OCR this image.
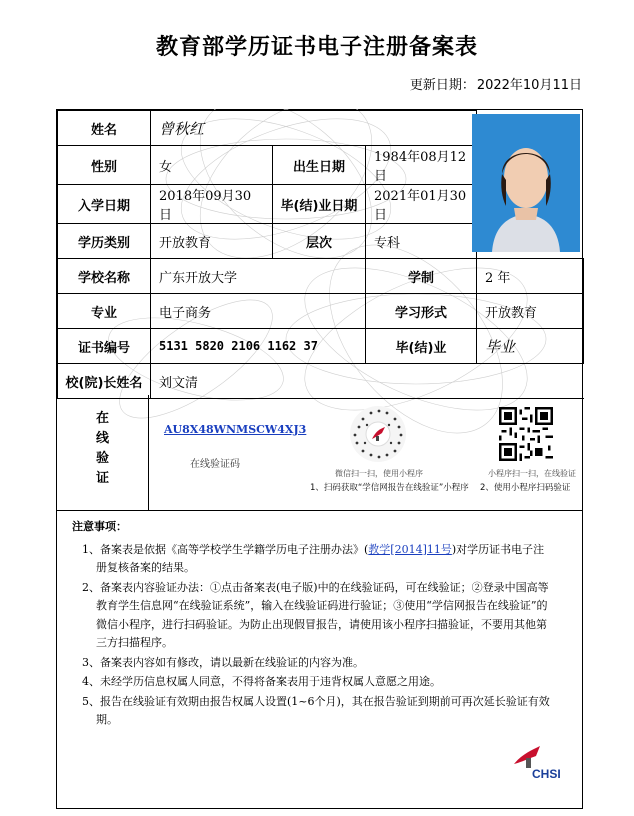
教育部学历证书电子注册备案表
更新日期： 2022年10月11日
姓名	曾秋红			
性别	女	出生日期	1984年08月12日	
入学日期	2018年09月30日	毕(结)业日期	2021年01月30日	
学历类别	开放教育	层次	专科	
学校名称	广东开放大学		学制	2 年
专业	电子商务		学习形式	开放教育
证书编号	5131 5820 2106 1162 37		毕(结)业	毕业
校(院)长姓名	刘文清			
在
线
验
证
AU8X48WNMSCW4XJ3
在线验证码
微信扫一扫，使用小程序	小程序扫一扫，在线验证
1、扫码获取“学信网报告在线验证”小程序 2、使用小程序扫码验证
注意事项：
1、备案表是依据《高等学校学生学籍学历电子注册办法》(教学[2014]11号)对学历证书电子注册复核备案的结果。
2、备案表内容验证办法：①点击备案表(电子版)中的在线验证码，可在线验证；②登录中国高等教育学生信息网“在线验证系统”，输入在线验证码进行验证；③使用“学信网报告在线验证”的微信小程序，进行扫码验证。为防止出现假冒报告，请使用该小程序扫描验证，不要用其他第三方扫描程序。
3、备案表内容如有修改，请以最新在线验证的内容为准。
4、未经学历信息权属人同意，不得将备案表用于违背权属人意愿之用途。
5、报告在线验证有效期由报告权属人设置(1~6个月)，其在报告验证到期前可再次延长验证有效期。
CHSI
